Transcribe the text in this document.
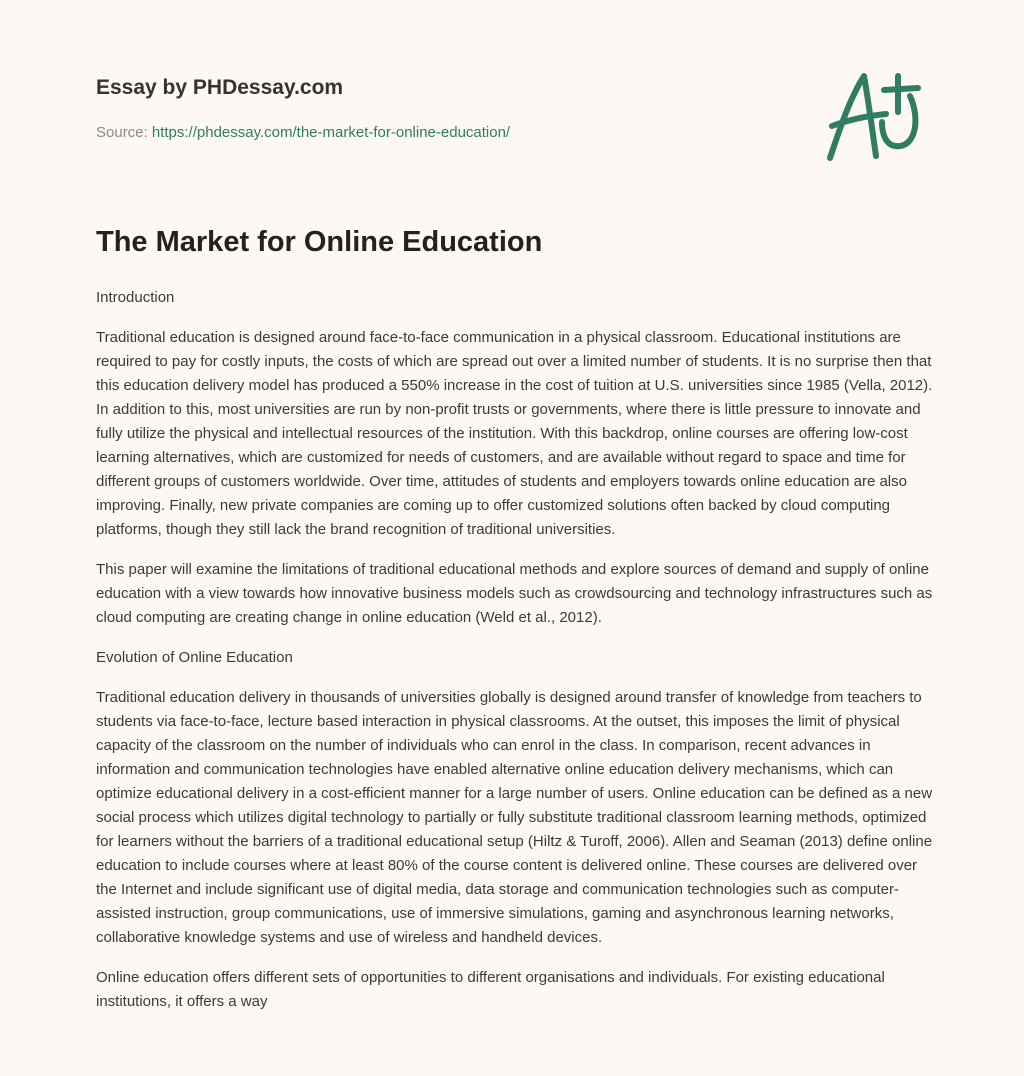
Essay by PHDessay.com
Source: https://phdessay.com/the-market-for-online-education/
The Market for Online Education

Introduction

Traditional education is designed around face-to-face communication in a physical classroom. Educational institutions are required to pay for costly inputs, the costs of which are spread out over a limited number of students. It is no surprise then that this education delivery model has produced a 550% increase in the cost of tuition at U.S. universities since 1985 (Vella, 2012). In addition to this, most universities are run by non-profit trusts or governments, where there is little pressure to innovate and fully utilize the physical and intellectual resources of the institution. With this backdrop, online courses are offering low-cost learning alternatives, which are customized for needs of customers, and are available without regard to space and time for different groups of customers worldwide. Over time, attitudes of students and employers towards online education are also improving. Finally, new private companies are coming up to offer customized solutions often backed by cloud computing platforms, though they still lack the brand recognition of traditional universities.

This paper will examine the limitations of traditional educational methods and explore sources of demand and supply of online education with a view towards how innovative business models such as crowdsourcing and technology infrastructures such as cloud computing are creating change in online education (Weld et al., 2012).

Evolution of Online Education

Traditional education delivery in thousands of universities globally is designed around transfer of knowledge from teachers to students via face-to-face, lecture based interaction in physical classrooms. At the outset, this imposes the limit of physical capacity of the classroom on the number of individuals who can enrol in the class. In comparison, recent advances in information and communication technologies have enabled alternative online education delivery mechanisms, which can optimize educational delivery in a cost-efficient manner for a large number of users. Online education can be defined as a new social process which utilizes digital technology to partially or fully substitute traditional classroom learning methods, optimized for learners without the barriers of a traditional educational setup (Hiltz & Turoff, 2006). Allen and Seaman (2013) define online education to include courses where at least 80% of the course content is delivered online. These courses are delivered over the Internet and include significant use of digital media, data storage and communication technologies such as computer-assisted instruction, group communications, use of immersive simulations, gaming and asynchronous learning networks, collaborative knowledge systems and use of wireless and handheld devices.

Online education offers different sets of opportunities to different organisations and individuals. For existing educational institutions, it offers a way
